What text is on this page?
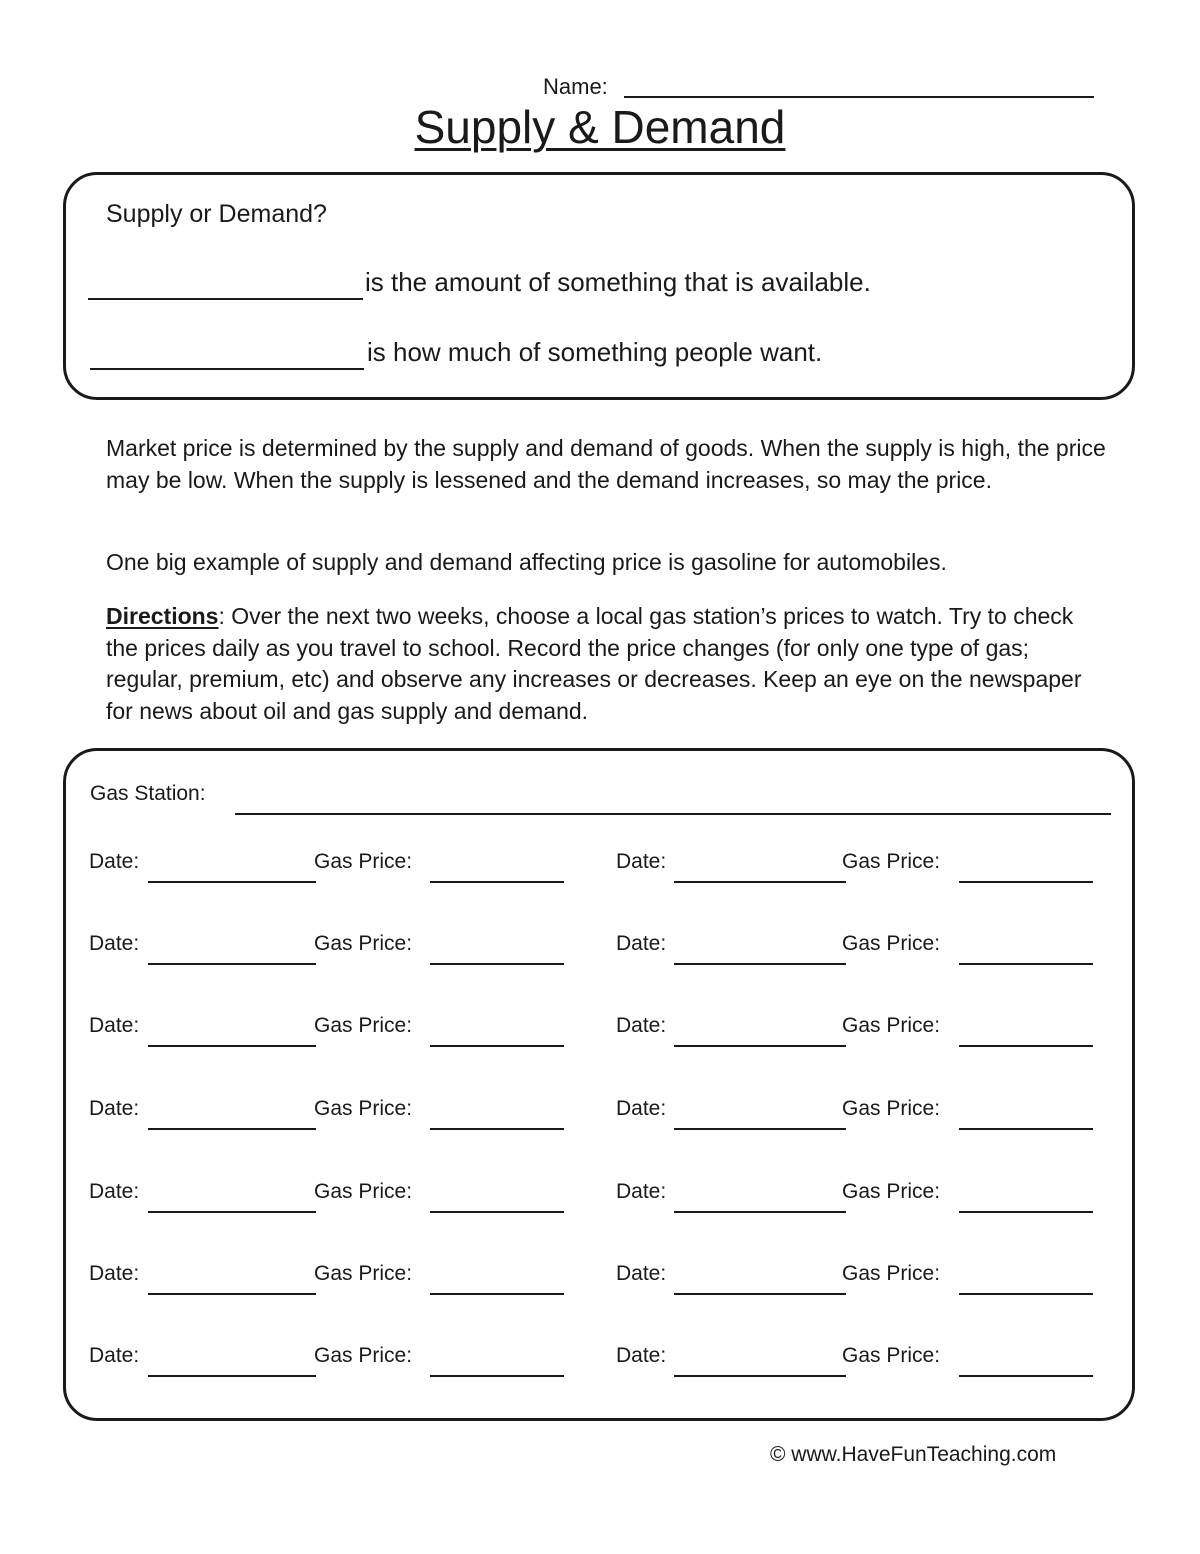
Name:
Supply & Demand
Supply or Demand?
is the amount of something that is available.
is how much of something people want.
Market price is determined by the supply and demand of goods. When the supply is high, the price may be low. When the supply is lessened and the demand increases, so may the price.
One big example of supply and demand affecting price is gasoline for automobiles.
Directions: Over the next two weeks, choose a local gas station’s prices to watch. Try to check the prices daily as you travel to school. Record the price changes (for only one type of gas; regular, premium, etc) and observe any increases or decreases. Keep an eye on the newspaper for news about oil and gas supply and demand.
Gas Station:
Date:	Gas Price:	Date:	Gas Price:
Date:	Gas Price:	Date:	Gas Price:
Date:	Gas Price:	Date:	Gas Price:
Date:	Gas Price:	Date:	Gas Price:
Date:	Gas Price:	Date:	Gas Price:
Date:	Gas Price:	Date:	Gas Price:
Date:	Gas Price:	Date:	Gas Price:
© www.HaveFunTeaching.com
